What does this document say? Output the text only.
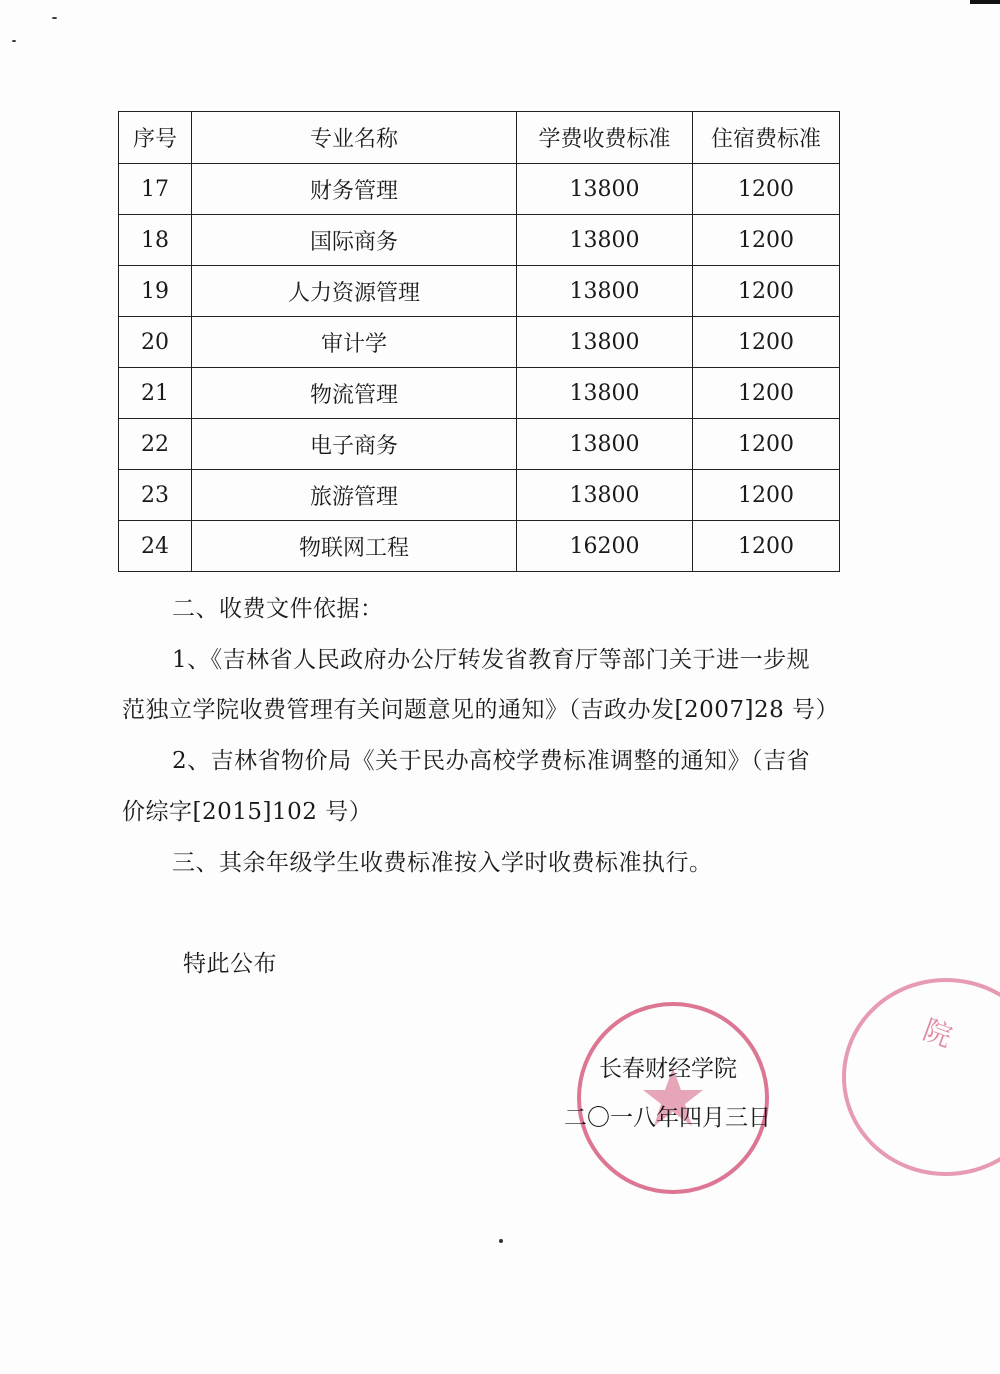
序号	专业名称	学费收费标准	住宿费标准
17	财务管理	13800	1200
18	国际商务	13800	1200
19	人力资源管理	13800	1200
20	审计学	13800	1200
21	物流管理	13800	1200
22	电子商务	13800	1200
23	旅游管理	13800	1200
24	物联网工程	16200	1200
二、收费文件依据：
1、《吉林省人民政府办公厅转发省教育厅等部门关于进一步规
范独立学院收费管理有关问题意见的通知》（吉政办发[2007]28 号）
2、吉林省物价局《关于民办高校学费标准调整的通知》（吉省
价综字[2015]102 号）
三、其余年级学生收费标准按入学时收费标准执行。
特此公布
院
长春财经学院
二〇一八年四月三日
